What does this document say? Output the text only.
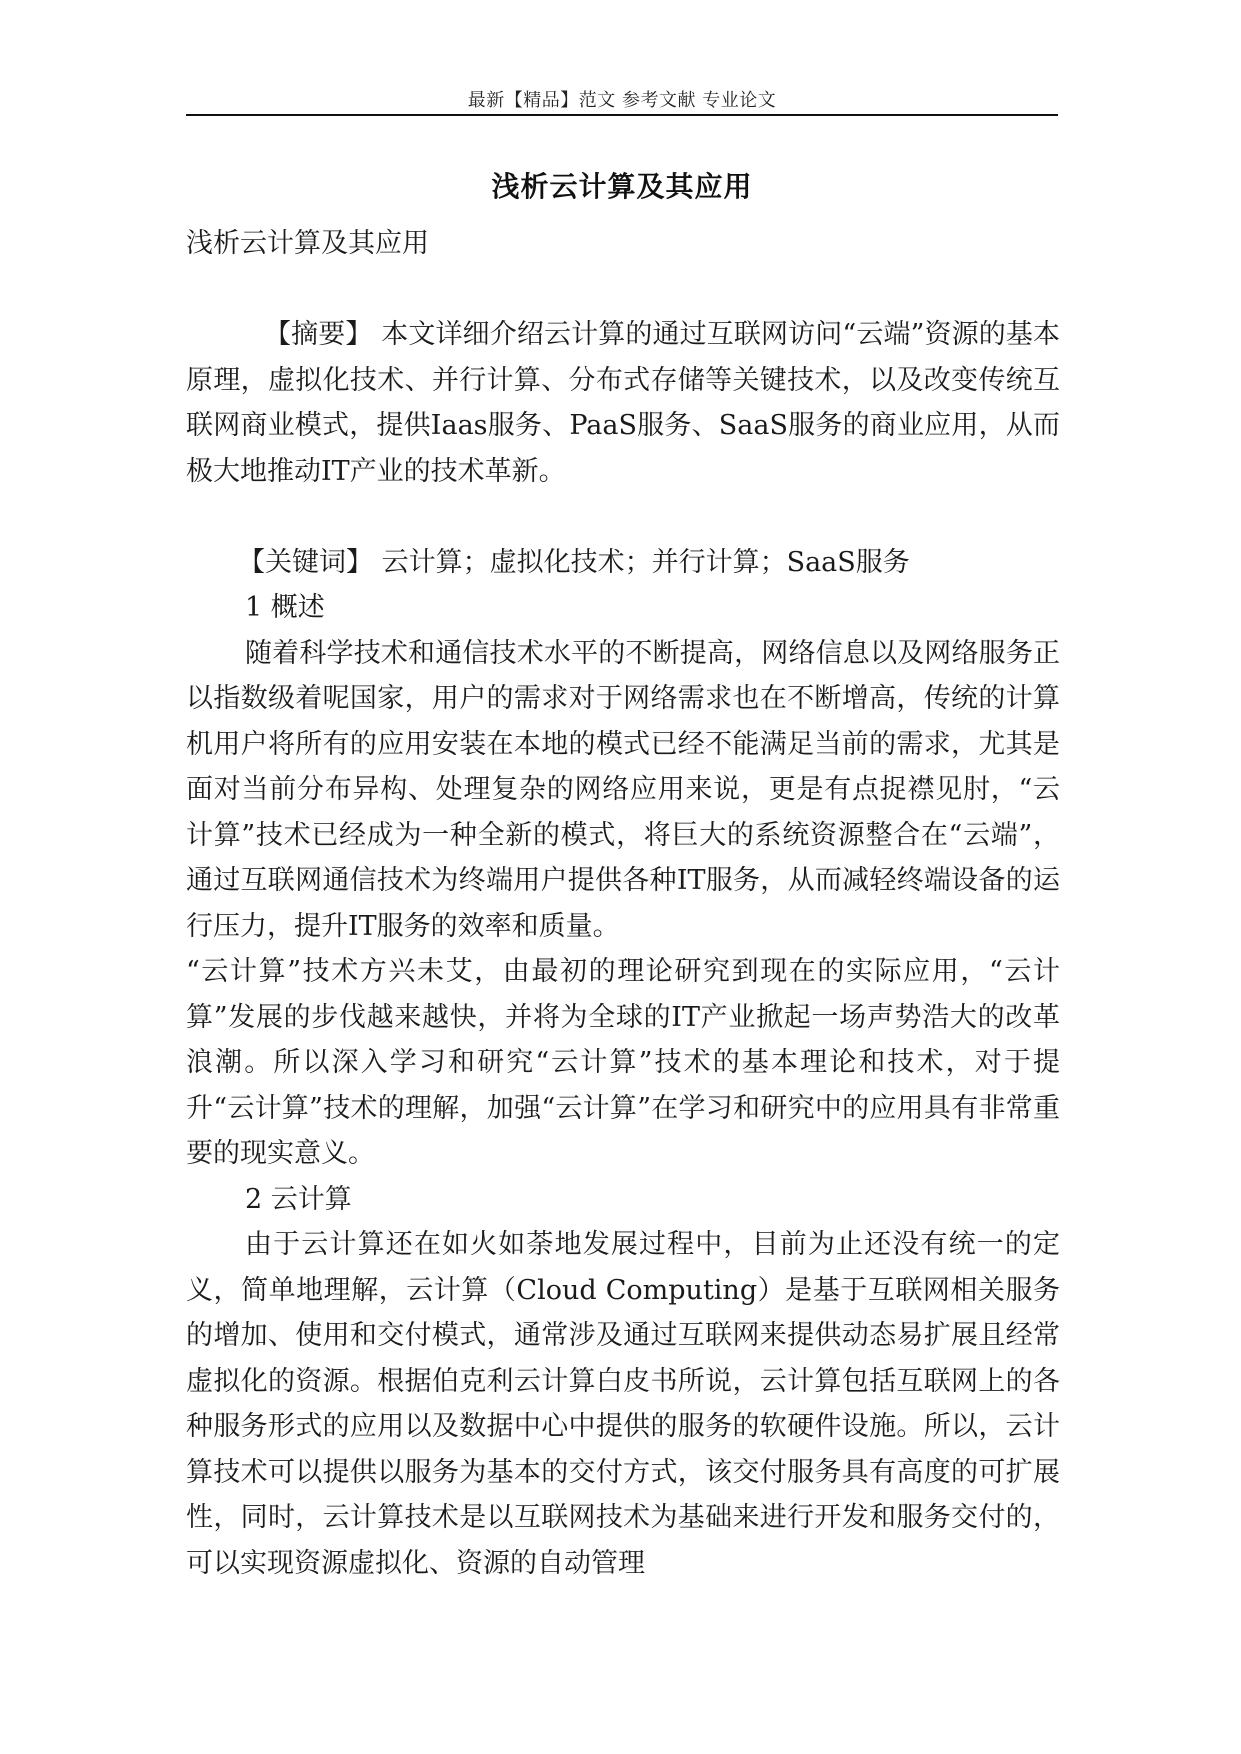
最新【精品】范文 参考文献 专业论文
浅析云计算及其应用

浅析云计算及其应用

【摘要】 本文详细介绍云计算的通过互联网访问“云端”资源的基本原理，虚拟化技术、并行计算、分布式存储等关键技术，以及改变传统互联网商业模式，提供Iaas服务、PaaS服务、SaaS服务的商业应用，从而极大地推动IT产业的技术革新。

【关键词】 云计算；虚拟化技术；并行计算；SaaS服务

1 概述

随着科学技术和通信技术水平的不断提高，网络信息以及网络服务正以指数级着呢国家，用户的需求对于网络需求也在不断增高，传统的计算机用户将所有的应用安装在本地的模式已经不能满足当前的需求，尤其是面对当前分布异构、处理复杂的网络应用来说，更是有点捉襟见肘，“云计算”技术已经成为一种全新的模式，将巨大的系统资源整合在“云端”，通过互联网通信技术为终端用户提供各种IT服务，从而减轻终端设备的运行压力，提升IT服务的效率和质量。

“云计算”技术方兴未艾，由最初的理论研究到现在的实际应用，“云计算”发展的步伐越来越快，并将为全球的IT产业掀起一场声势浩大的改革浪潮。所以深入学习和研究“云计算”技术的基本理论和技术，对于提升“云计算”技术的理解，加强“云计算”在学习和研究中的应用具有非常重要的现实意义。

2 云计算

由于云计算还在如火如荼地发展过程中，目前为止还没有统一的定义，简单地理解，云计算（Cloud Computing）是基于互联网相关服务的增加、使用和交付模式，通常涉及通过互联网来提供动态易扩展且经常虚拟化的资源。根据伯克利云计算白皮书所说，云计算包括互联网上的各种服务形式的应用以及数据中心中提供的服务的软硬件设施。所以，云计算技术可以提供以服务为基本的交付方式，该交付服务具有高度的可扩展性，同时，云计算技术是以互联网技术为基础来进行开发和服务交付的，可以实现资源虚拟化、资源的自动管理
